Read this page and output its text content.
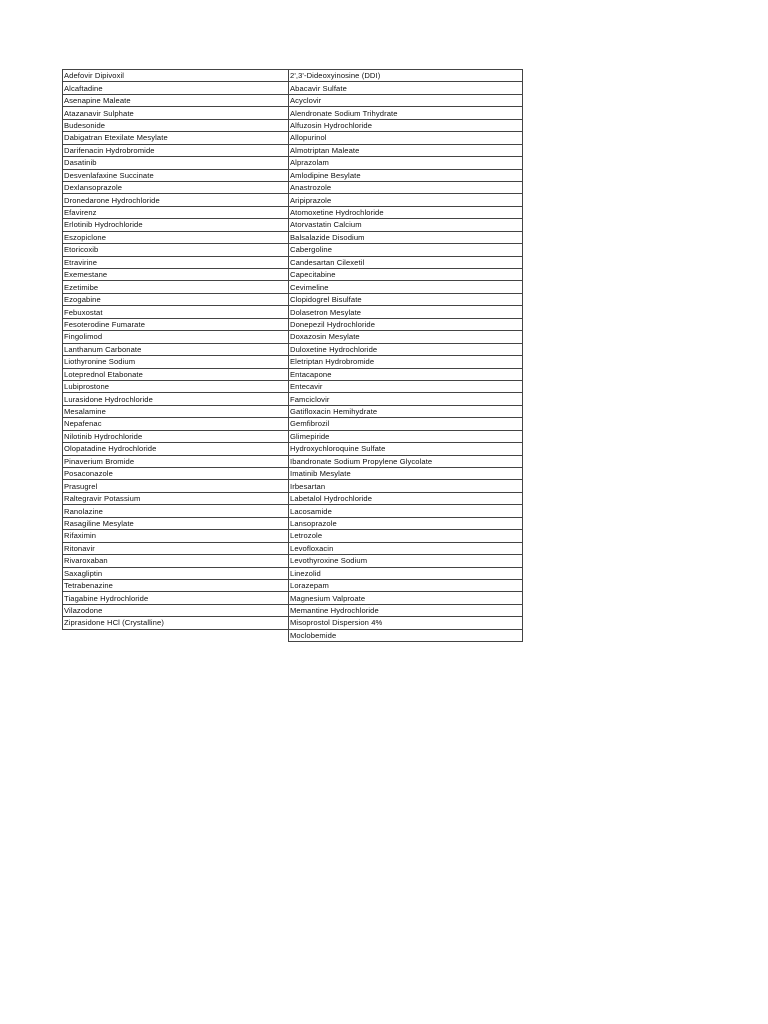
Adefovir Dipivoxil	2',3'-Dideoxyinosine (DDI)
Alcaftadine	Abacavir Sulfate
Asenapine Maleate	Acyclovir
Atazanavir Sulphate	Alendronate Sodium Trihydrate
Budesonide	Alfuzosin Hydrochloride
Dabigatran Etexilate Mesylate	Allopurinol
Darifenacin Hydrobromide	Almotriptan Maleate
Dasatinib	Alprazolam
Desvenlafaxine Succinate	Amlodipine Besylate
Dexlansoprazole	Anastrozole
Dronedarone Hydrochloride	Aripiprazole
Efavirenz	Atomoxetine Hydrochloride
Erlotinib Hydrochloride	Atorvastatin Calcium
Eszopiclone	Balsalazide Disodium
Etoricoxib	Cabergoline
Etravirine	Candesartan Cilexetil
Exemestane	Capecitabine
Ezetimibe	Cevimeline
Ezogabine	Clopidogrel Bisulfate
Febuxostat	Dolasetron Mesylate
Fesoterodine Fumarate	Donepezil Hydrochloride
Fingolimod	Doxazosin Mesylate
Lanthanum Carbonate	Duloxetine Hydrochloride
Liothyronine Sodium	Eletriptan Hydrobromide
Loteprednol Etabonate	Entacapone
Lubiprostone	Entecavir
Lurasidone Hydrochloride	Famciclovir
Mesalamine	Gatifloxacin Hemihydrate
Nepafenac	Gemfibrozil
Nilotinib Hydrochloride	Glimepiride
Olopatadine Hydrochloride	Hydroxychloroquine Sulfate
Pinaverium Bromide	Ibandronate Sodium Propylene Glycolate
Posaconazole	Imatinib Mesylate
Prasugrel	Irbesartan
Raltegravir Potassium	Labetalol Hydrochloride
Ranolazine	Lacosamide
Rasagiline Mesylate	Lansoprazole
Rifaximin	Letrozole
Ritonavir	Levofloxacin
Rivaroxaban	Levothyroxine Sodium
Saxagliptin	Linezolid
Tetrabenazine	Lorazepam
Tiagabine Hydrochloride	Magnesium Valproate
Vilazodone	Memantine Hydrochloride
Ziprasidone HCl (Crystalline)	Misoprostol Dispersion 4%
	Moclobemide
